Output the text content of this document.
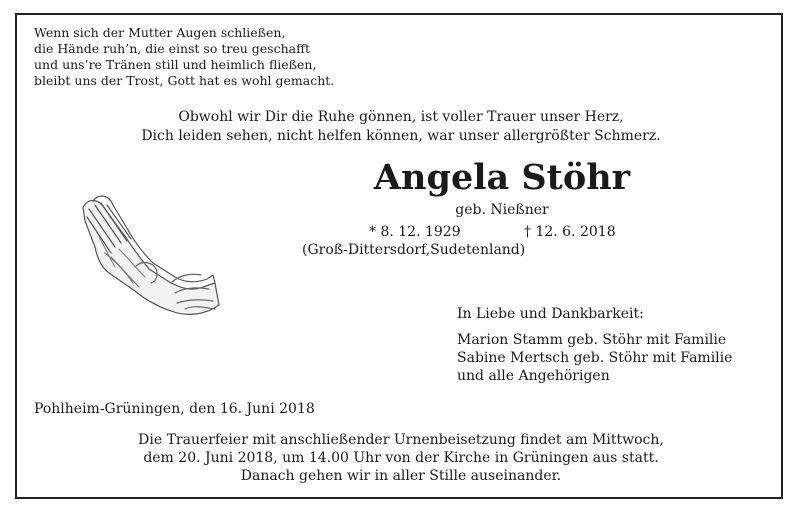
Wenn sich der Mutter Augen schließen,
die Hände ruh’n, die einst so treu geschafft
und uns’re Tränen still und heimlich fließen,
bleibt uns der Trost, Gott hat es wohl gemacht.
Obwohl wir Dir die Ruhe gönnen, ist voller Trauer unser Herz,
Dich leiden sehen, nicht helfen können, war unser allergrößter Schmerz.
Angela Stöhr
geb. Nießner
* 8. 12. 1929	† 12. 6. 2018
(Groß-Dittersdorf,Sudetenland)
In Liebe und Dankbarkeit:
Marion Stamm geb. Stöhr mit Familie
Sabine Mertsch geb. Stöhr mit Familie
und alle Angehörigen
Pohlheim-Grüningen, den 16. Juni 2018
Die Trauerfeier mit anschließender Urnenbeisetzung findet am Mittwoch,
dem 20. Juni 2018, um 14.00 Uhr von der Kirche in Grüningen aus statt.
Danach gehen wir in aller Stille auseinander.
